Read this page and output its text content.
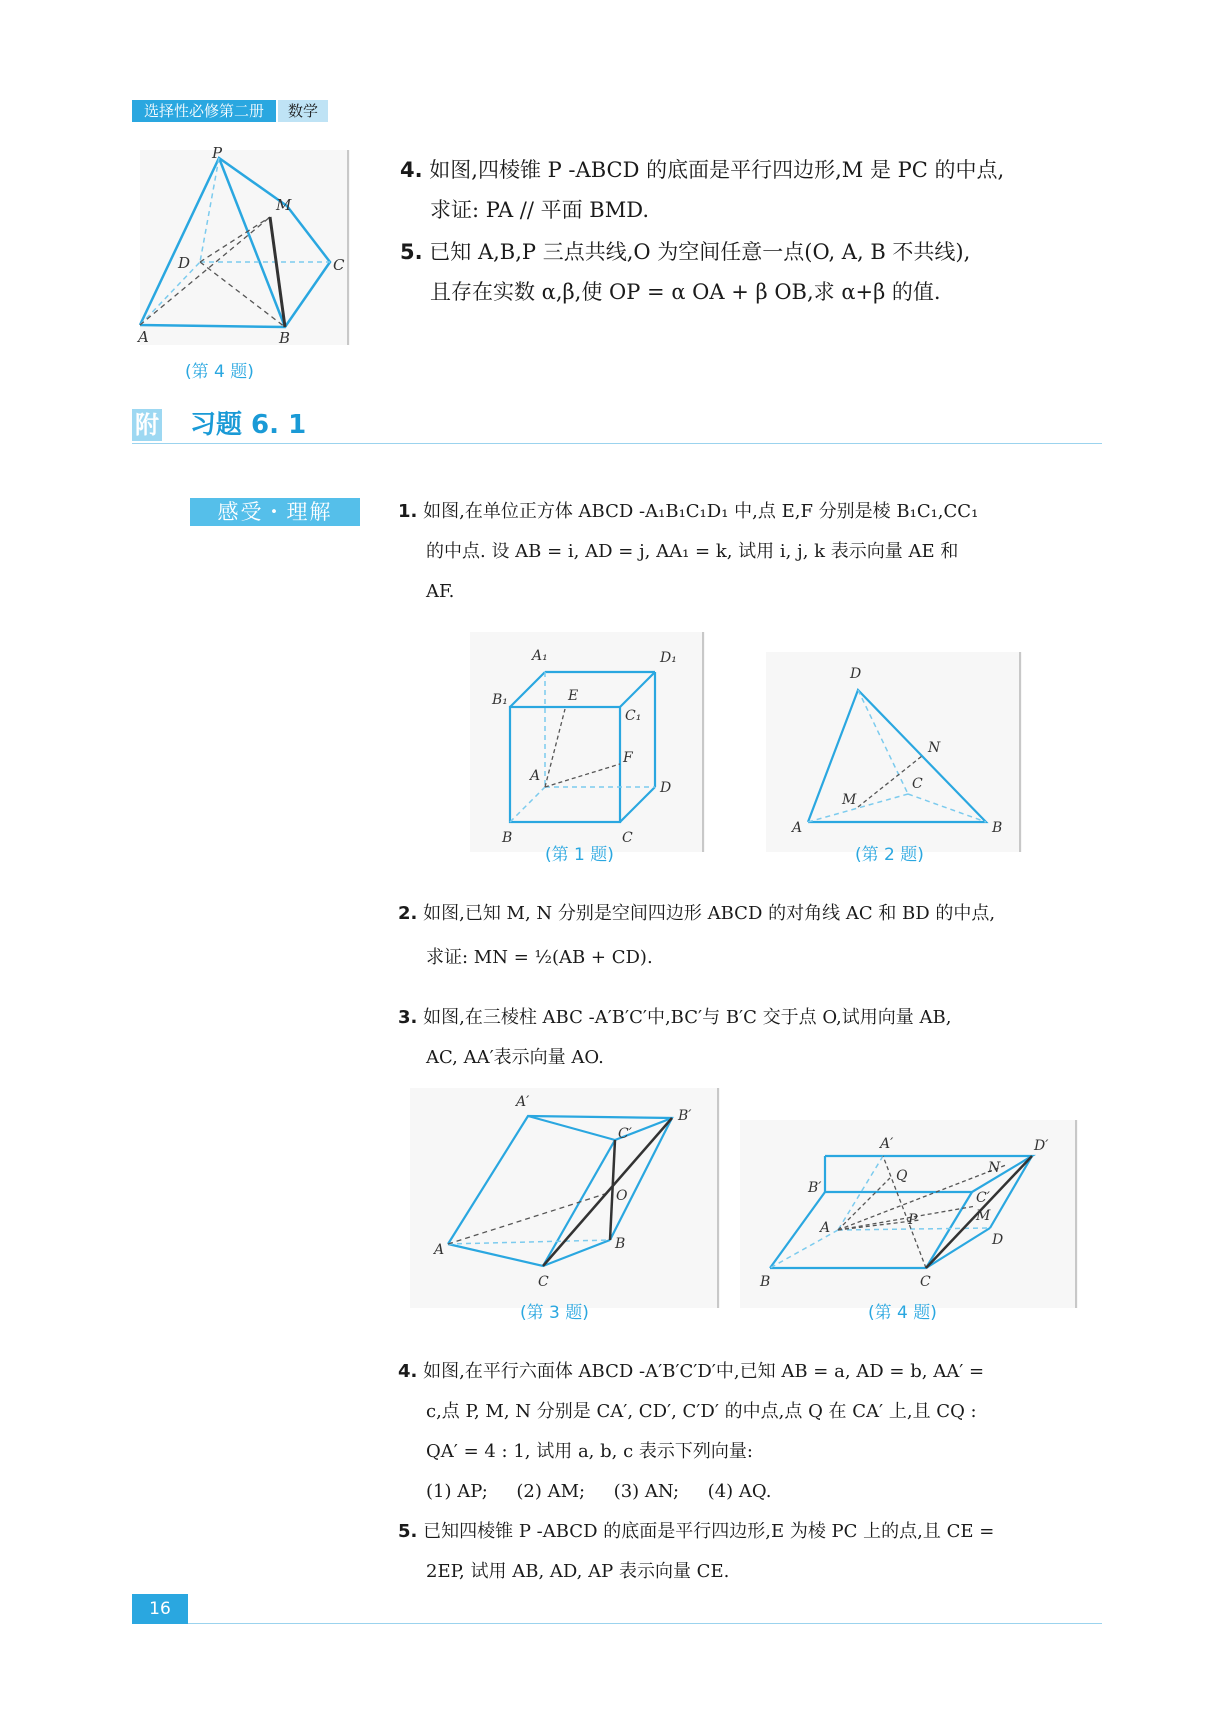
选择性必修第二册	数学
P
M
D	C
A	B
(第 4 题)
4. 如图,四棱锥 P -ABCD 的底面是平行四边形,M 是 PC 的中点,
求证: PA // 平面 BMD.
5. 已知 A,B,P 三点共线,O 为空间任意一点(O, A, B 不共线),
且存在实数 α,β,使 OP = α OA + β OB,求 α+β 的值.
附 习题 6. 1
感受・理解	1. 如图,在单位正方体 ABCD -A₁B₁C₁D₁ 中,点 E,F 分别是棱 B₁C₁,CC₁
的中点. 设 AB = i, AD = j, AA₁ = k, 试用 i, j, k 表示向量 AE 和
AF.
A₁	D₁
B₁	E
C₁
A
F
D
B	C
(第 1 题)
D
N
M
C
A	B
(第 2 题)
2. 如图,已知 M, N 分别是空间四边形 ABCD 的对角线 AC 和 BD 的中点,
求证: MN = ½(AB + CD).
3. 如图,在三棱柱 ABC -A′B′C′中,BC′与 B′C 交于点 O,试用向量 AB,
AC, AA′表示向量 AO.
A′
B′
C′
O
A	B
C
(第 3 题)
A′	D′
B′
Q	N
C′
A	P	M
D
B	C
(第 4 题)
4. 如图,在平行六面体 ABCD -A′B′C′D′中,已知 AB = a, AD = b, AA′ =
c,点 P, M, N 分别是 CA′, CD′, C′D′ 的中点,点 Q 在 CA′ 上,且 CQ :
QA′ = 4 : 1, 试用 a, b, c 表示下列向量:
(1) AP;     (2) AM;     (3) AN;     (4) AQ.
5. 已知四棱锥 P -ABCD 的底面是平行四边形,E 为棱 PC 上的点,且 CE =
2EP, 试用 AB, AD, AP 表示向量 CE.
16
